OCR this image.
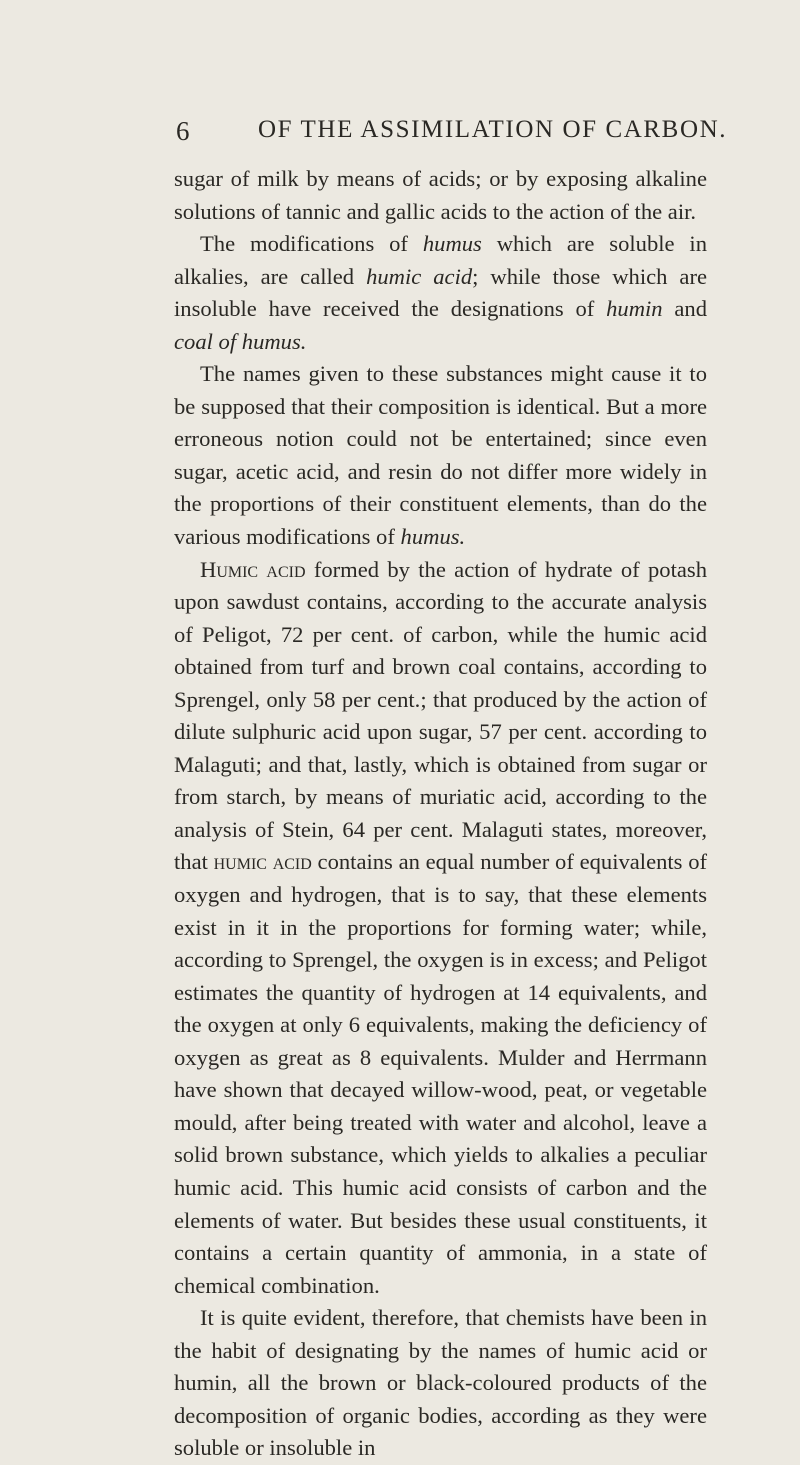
6	OF THE ASSIMILATION OF CARBON.

sugar of milk by means of acids; or by exposing alkaline solutions of tannic and gallic acids to the action of the air.

The modifications of humus which are soluble in alkalies, are called humic acid; while those which are insoluble have received the designations of humin and coal of humus.

The names given to these substances might cause it to be supposed that their composition is identical. But a more erroneous notion could not be entertained; since even sugar, acetic acid, and resin do not differ more widely in the proportions of their constituent elements, than do the various modifications of humus.

Humic acid formed by the action of hydrate of potash upon sawdust contains, according to the accurate analysis of Peligot, 72 per cent. of carbon, while the humic acid obtained from turf and brown coal contains, according to Sprengel, only 58 per cent.; that produced by the action of dilute sulphuric acid upon sugar, 57 per cent. according to Malaguti; and that, lastly, which is obtained from sugar or from starch, by means of muriatic acid, according to the analysis of Stein, 64 per cent. Malaguti states, moreover, that humic acid contains an equal number of equivalents of oxygen and hydrogen, that is to say, that these elements exist in it in the proportions for forming water; while, according to Sprengel, the oxygen is in excess; and Peligot estimates the quantity of hydrogen at 14 equivalents, and the oxygen at only 6 equivalents, making the deficiency of oxygen as great as 8 equivalents. Mulder and Herrmann have shown that decayed willow-wood, peat, or vegetable mould, after being treated with water and alcohol, leave a solid brown substance, which yields to alkalies a peculiar humic acid. This humic acid consists of carbon and the elements of water. But besides these usual constituents, it contains a certain quantity of ammonia, in a state of chemical combination.

It is quite evident, therefore, that chemists have been in the habit of designating by the names of humic acid or humin, all the brown or black-coloured products of the decomposition of organic bodies, according as they were soluble or insoluble in
